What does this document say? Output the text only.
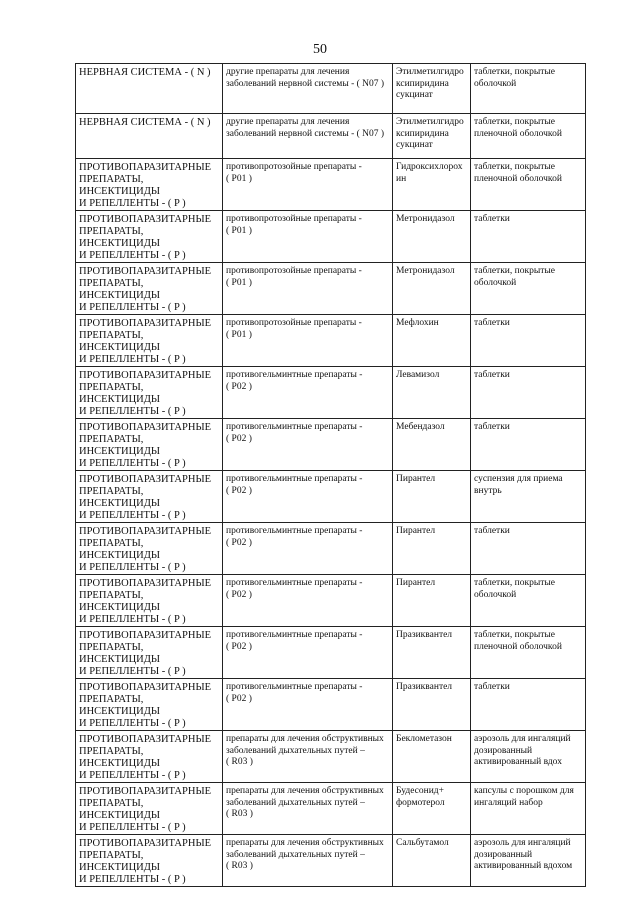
50
НЕРВНАЯ СИСТЕМА - ( N )	другие препараты для лечения заболеваний нервной системы - ( N07 )	Этилметилгидро
ксипиридина
сукцинат	таблетки, покрытые
оболочкой
НЕРВНАЯ СИСТЕМА - ( N )	другие препараты для лечения заболеваний нервной системы - ( N07 )	Этилметилгидро
ксипиридина
сукцинат	таблетки, покрытые
пленочной оболочкой
ПРОТИВОПАРАЗИТАРНЫЕ
ПРЕПАРАТЫ, ИНСЕКТИЦИДЫ
И РЕПЕЛЛЕНТЫ - ( P )	противопротозойные препараты -
( P01 )	Гидроксихлорох
ин	таблетки, покрытые
пленочной оболочкой
ПРОТИВОПАРАЗИТАРНЫЕ
ПРЕПАРАТЫ, ИНСЕКТИЦИДЫ
И РЕПЕЛЛЕНТЫ - ( P )	противопротозойные препараты -
( P01 )	Метронидазол	таблетки
ПРОТИВОПАРАЗИТАРНЫЕ
ПРЕПАРАТЫ, ИНСЕКТИЦИДЫ
И РЕПЕЛЛЕНТЫ - ( P )	противопротозойные препараты -
( P01 )	Метронидазол	таблетки, покрытые
оболочкой
ПРОТИВОПАРАЗИТАРНЫЕ
ПРЕПАРАТЫ, ИНСЕКТИЦИДЫ
И РЕПЕЛЛЕНТЫ - ( P )	противопротозойные препараты -
( P01 )	Мефлохин	таблетки
ПРОТИВОПАРАЗИТАРНЫЕ
ПРЕПАРАТЫ, ИНСЕКТИЦИДЫ
И РЕПЕЛЛЕНТЫ - ( P )	противогельминтные препараты -
( P02 )	Левамизол	таблетки
ПРОТИВОПАРАЗИТАРНЫЕ
ПРЕПАРАТЫ, ИНСЕКТИЦИДЫ
И РЕПЕЛЛЕНТЫ - ( P )	противогельминтные препараты -
( P02 )	Мебендазол	таблетки
ПРОТИВОПАРАЗИТАРНЫЕ
ПРЕПАРАТЫ, ИНСЕКТИЦИДЫ
И РЕПЕЛЛЕНТЫ - ( P )	противогельминтные препараты -
( P02 )	Пирантел	суспензия для приема
внутрь
ПРОТИВОПАРАЗИТАРНЫЕ
ПРЕПАРАТЫ, ИНСЕКТИЦИДЫ
И РЕПЕЛЛЕНТЫ - ( P )	противогельминтные препараты -
( P02 )	Пирантел	таблетки
ПРОТИВОПАРАЗИТАРНЫЕ
ПРЕПАРАТЫ, ИНСЕКТИЦИДЫ
И РЕПЕЛЛЕНТЫ - ( P )	противогельминтные препараты -
( P02 )	Пирантел	таблетки, покрытые
оболочкой
ПРОТИВОПАРАЗИТАРНЫЕ
ПРЕПАРАТЫ, ИНСЕКТИЦИДЫ
И РЕПЕЛЛЕНТЫ - ( P )	противогельминтные препараты -
( P02 )	Празиквантел	таблетки, покрытые
пленочной оболочкой
ПРОТИВОПАРАЗИТАРНЫЕ
ПРЕПАРАТЫ, ИНСЕКТИЦИДЫ
И РЕПЕЛЛЕНТЫ - ( P )	противогельминтные препараты -
( P02 )	Празиквантел	таблетки
ПРОТИВОПАРАЗИТАРНЫЕ
ПРЕПАРАТЫ, ИНСЕКТИЦИДЫ
И РЕПЕЛЛЕНТЫ - ( P )	препараты для лечения обструктивных
заболеваний дыхательных путей –
( R03 )	Беклометазон	аэрозоль для ингаляций
дозированный
активированный вдох
ПРОТИВОПАРАЗИТАРНЫЕ
ПРЕПАРАТЫ, ИНСЕКТИЦИДЫ
И РЕПЕЛЛЕНТЫ - ( P )	препараты для лечения обструктивных
заболеваний дыхательных путей –
( R03 )	Будесонид+
формотерол	капсулы с порошком для
ингаляций набор
ПРОТИВОПАРАЗИТАРНЫЕ
ПРЕПАРАТЫ, ИНСЕКТИЦИДЫ
И РЕПЕЛЛЕНТЫ - ( P )	препараты для лечения обструктивных
заболеваний дыхательных путей –
( R03 )	Сальбутамол	аэрозоль для ингаляций
дозированный
активированный вдохом
